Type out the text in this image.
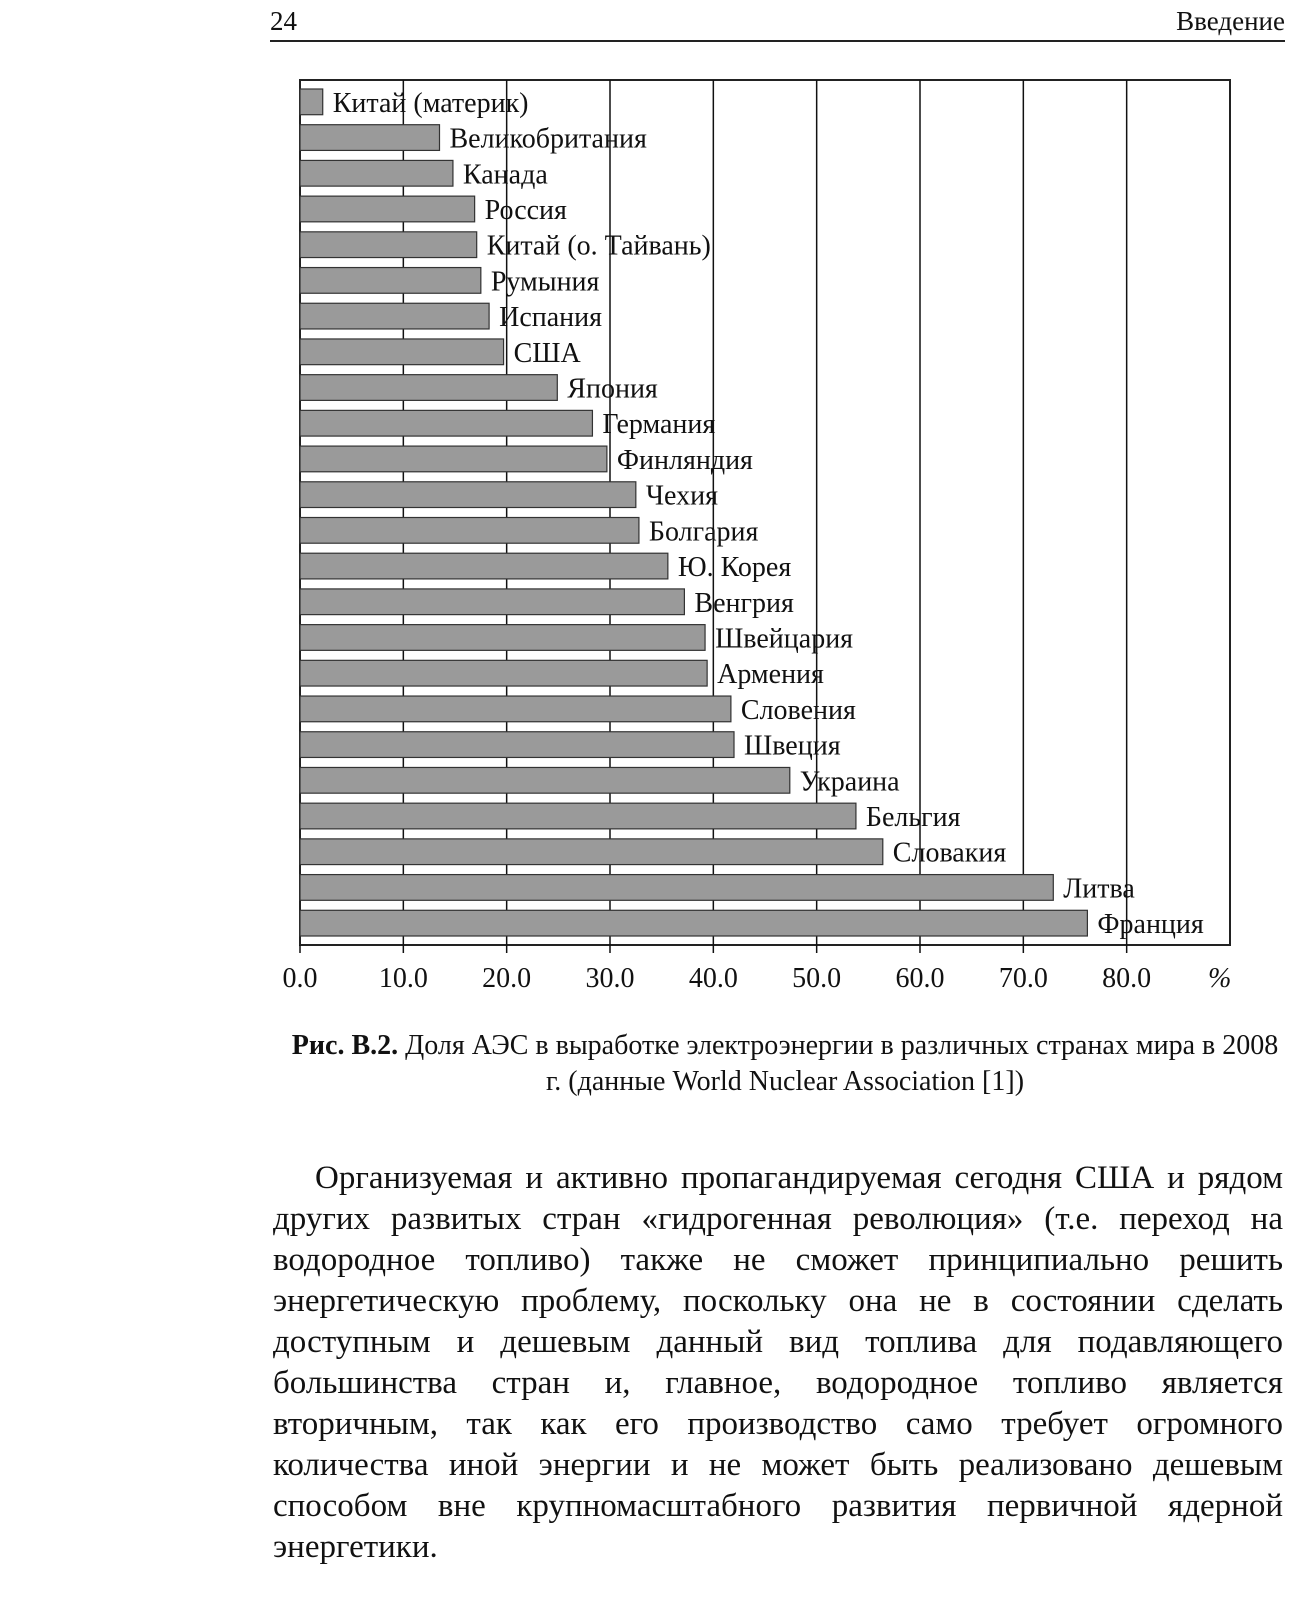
24	Введение
Китай (материк)
Великобритания
Канада
Россия
Китай (о. Тайвань)
Румыния
Испания
США
Япония
Германия
Финляндия
Чехия
Болгария
Ю. Корея
Венгрия
Швейцария
Армения
Словения
Швеция
Украина
Бельгия
Словакия
Литва
Франция
0.0 10.0 20.0 30.0 40.0 50.0 60.0 70.0 80.0 %
Рис. В.2. Доля АЭС в выработке электроэнергии в различных странах мира в 2008 г. (данные World Nuclear Association [1])

Организуемая и активно пропагандируемая сегодня США и рядом других развитых стран «гидрогенная революция» (т.е. переход на водородное топливо) также не сможет принципиально решить энергетическую проблему, поскольку она не в состоянии сделать доступным и дешевым данный вид топлива для подавляющего большинства стран и, главное, водородное топливо является вторичным, так как его производство само требует огромного количества иной энергии и не может быть реализовано дешевым способом вне крупномасштабного развития первичной ядерной энергетики.
